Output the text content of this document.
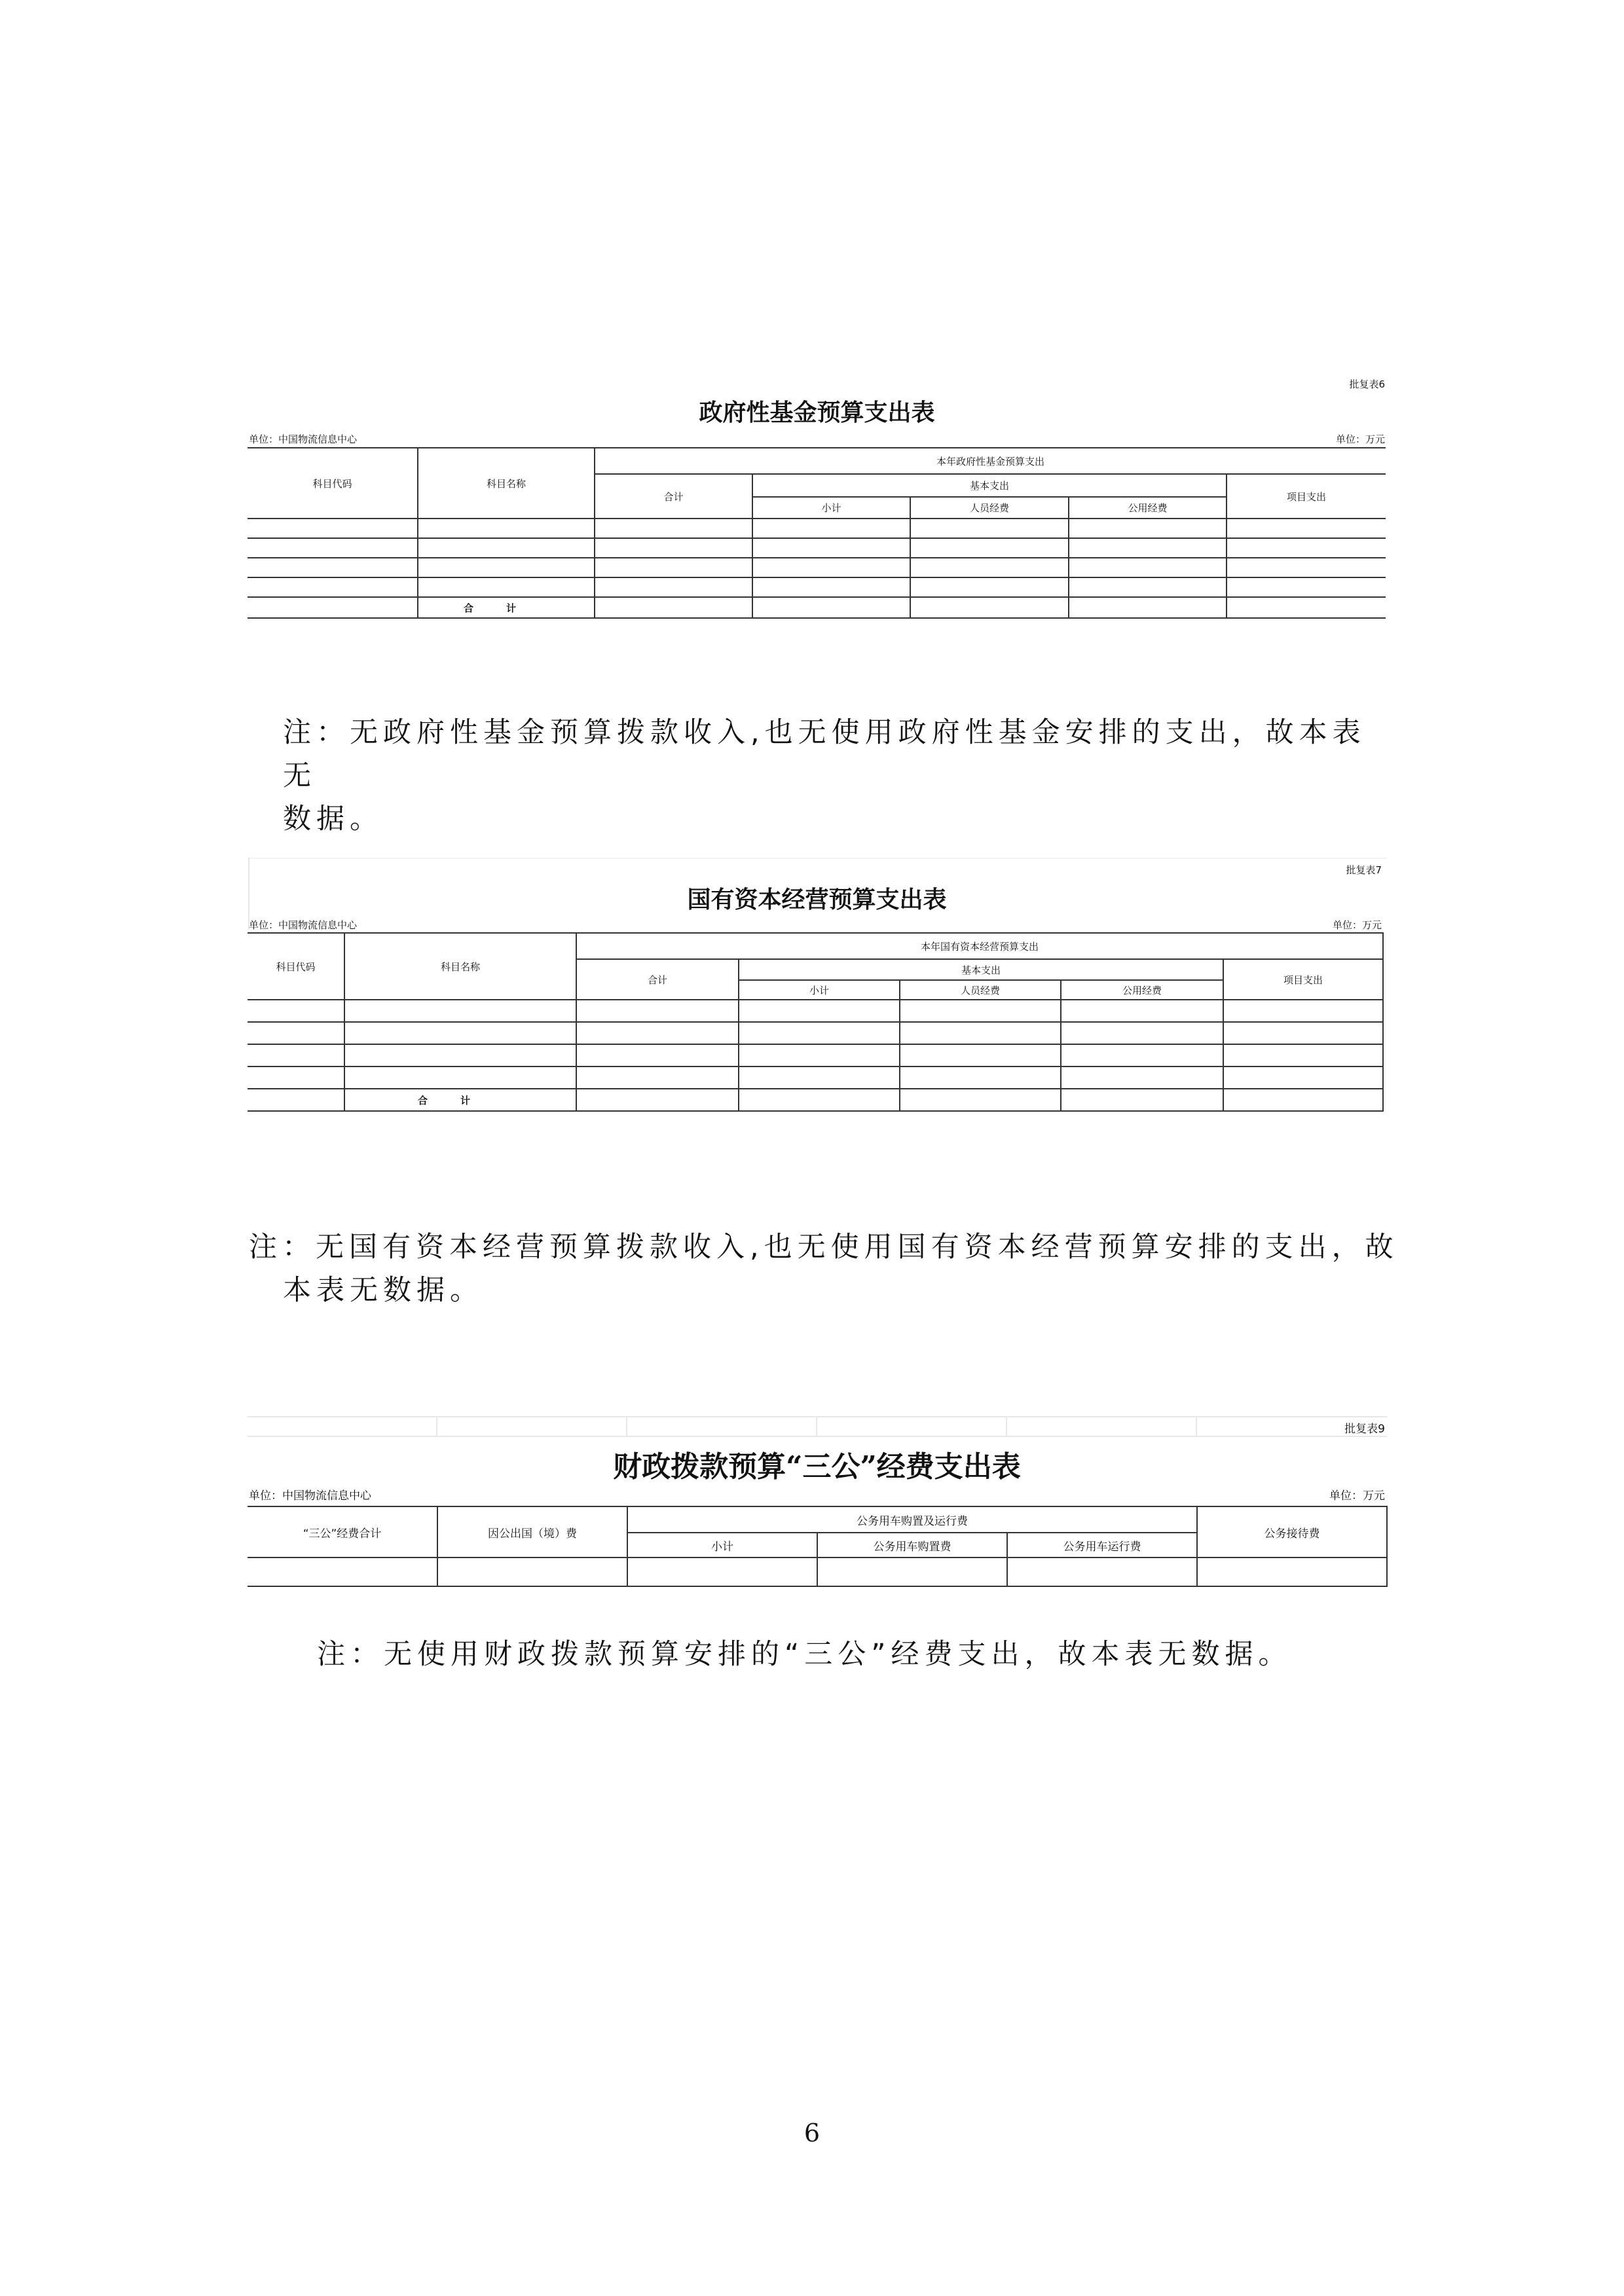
批复表6
政府性基金预算支出表
单位：中国物流信息中心	单位：万元
科目代码	科目名称	本年政府性基金预算支出				
		合计	基本支出			项目支出
			小计	人员经费	公用经费	

	合计					
注：无政府性基金预算拨款收入,也无使用政府性基金安排的支出，故本表无
数据。
批复表7
国有资本经营预算支出表
单位：中国物流信息中心	单位：万元
科目代码	科目名称	本年国有资本经营预算支出				
		合计	基本支出			项目支出
			小计	人员经费	公用经费	

	合计					
注：无国有资本经营预算拨款收入,也无使用国有资本经营预算安排的支出，故
本表无数据。
批复表9
财政拨款预算“三公”经费支出表
单位：中国物流信息中心	单位：万元
“三公”经费合计	因公出国（境）费	公务用车购置及运行费			公务接待费
		小计	公务用车购置费	公务用车运行费	

注：无使用财政拨款预算安排的“三公”经费支出，故本表无数据。
6
